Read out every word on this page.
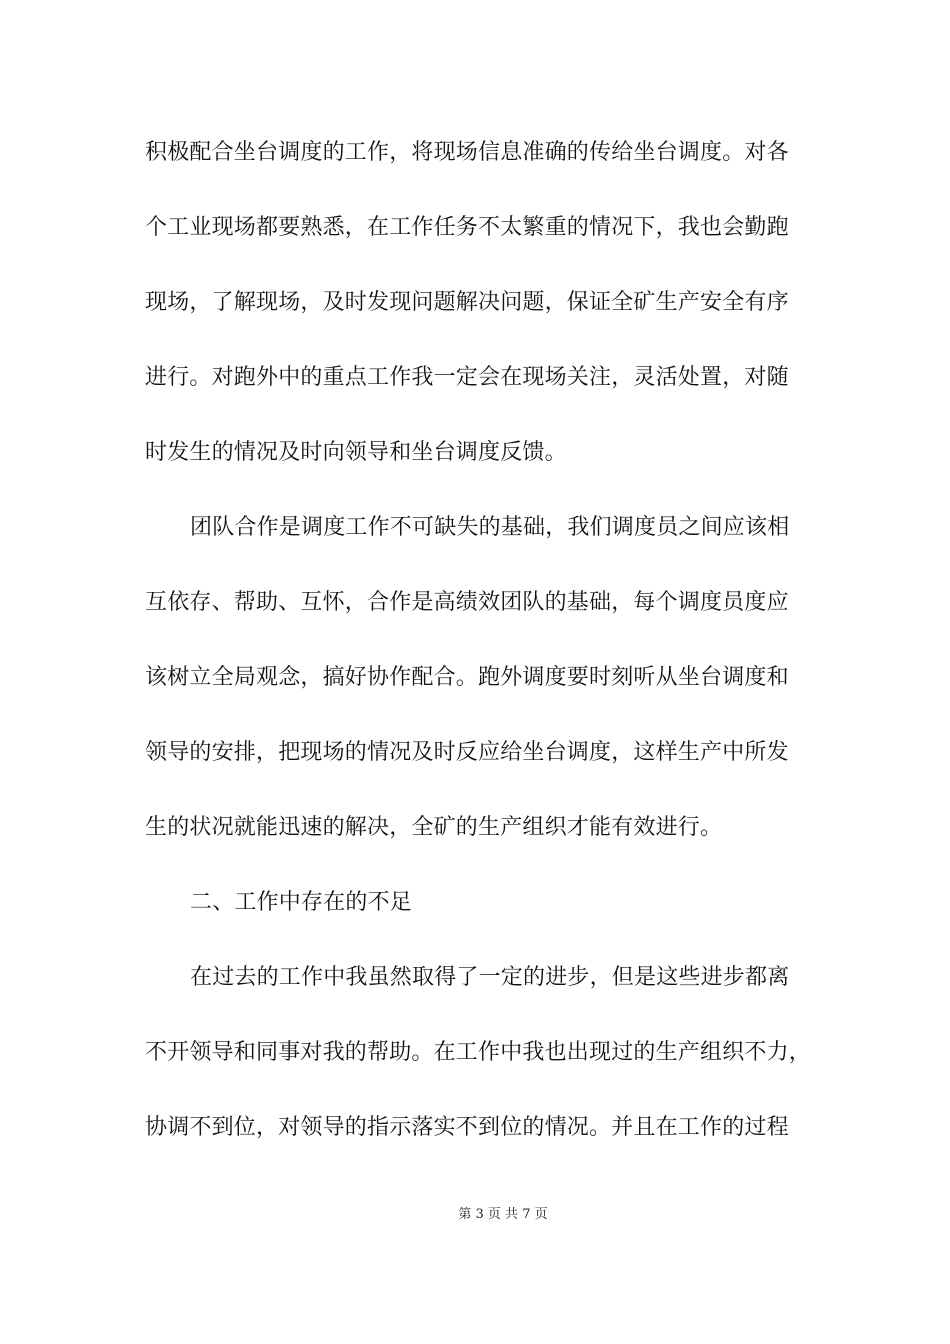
积极配合坐台调度的工作，将现场信息准确的传给坐台调度。对各
个工业现场都要熟悉，在工作任务不太繁重的情况下，我也会勤跑
现场，了解现场，及时发现问题解决问题，保证全矿生产安全有序
进行。对跑外中的重点工作我一定会在现场关注，灵活处置，对随
时发生的情况及时向领导和坐台调度反馈。
团队合作是调度工作不可缺失的基础，我们调度员之间应该相
互依存、帮助、互怀，合作是高绩效团队的基础，每个调度员度应
该树立全局观念，搞好协作配合。跑外调度要时刻听从坐台调度和
领导的安排，把现场的情况及时反应给坐台调度，这样生产中所发
生的状况就能迅速的解决，全矿的生产组织才能有效进行。
二、工作中存在的不足
在过去的工作中我虽然取得了一定的进步，但是这些进步都离
不开领导和同事对我的帮助。在工作中我也出现过的生产组织不力，
协调不到位，对领导的指示落实不到位的情况。并且在工作的过程
第 3 页 共 7 页
